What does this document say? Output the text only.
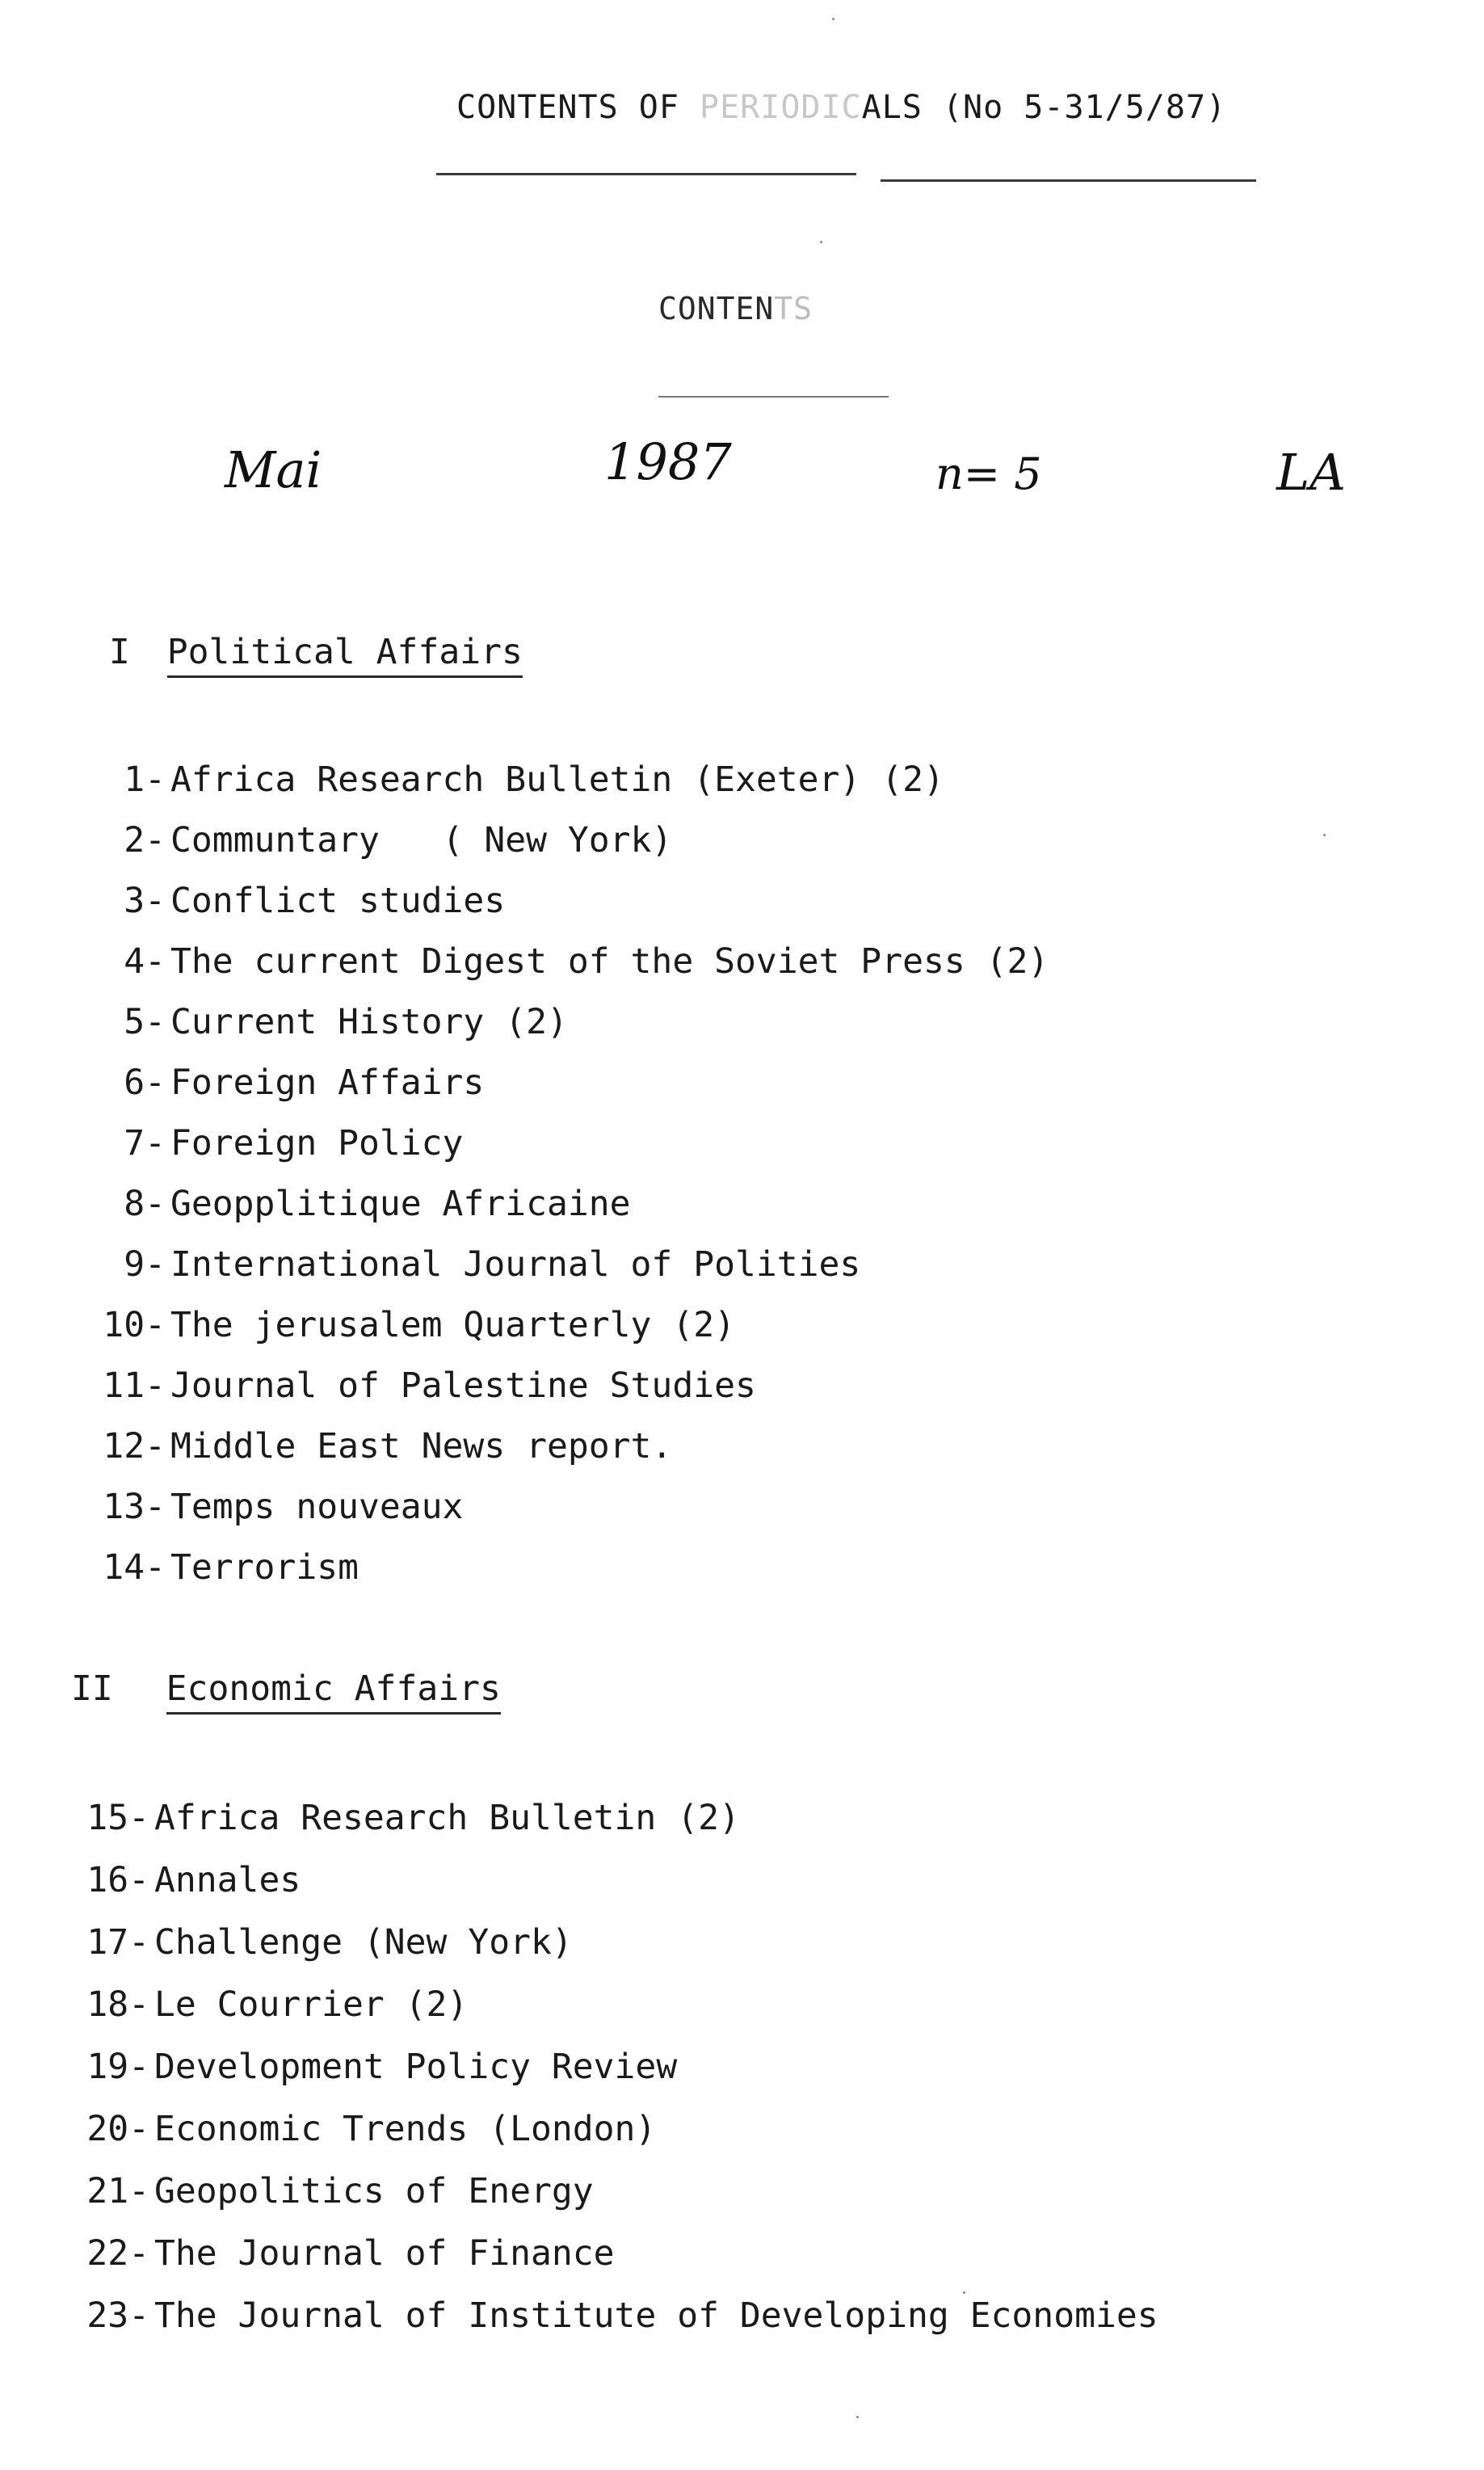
CONTENTS OF PERIODICALS (No 5-31/5/87)
CONTENTS
Mai	1987	n= 5	LA
I Political Affairs
1- Africa Research Bulletin (Exeter) (2)
2- Communtary   ( New York)
3- Conflict studies
4- The current Digest of the Soviet Press (2)
5- Current History (2)
6- Foreign Affairs
7- Foreign Policy
8- Geopplitique Africaine
9- International Journal of Polities
10- The jerusalem Quarterly (2)
11- Journal of Palestine Studies
12- Middle East News report.
13- Temps nouveaux
14- Terrorism
II Economic Affairs
15- Africa Research Bulletin (2)
16- Annales
17- Challenge (New York)
18- Le Courrier (2)
19- Development Policy Review
20- Economic Trends (London)
21- Geopolitics of Energy
22- The Journal of Finance
23- The Journal of Institute of Developing Economies
